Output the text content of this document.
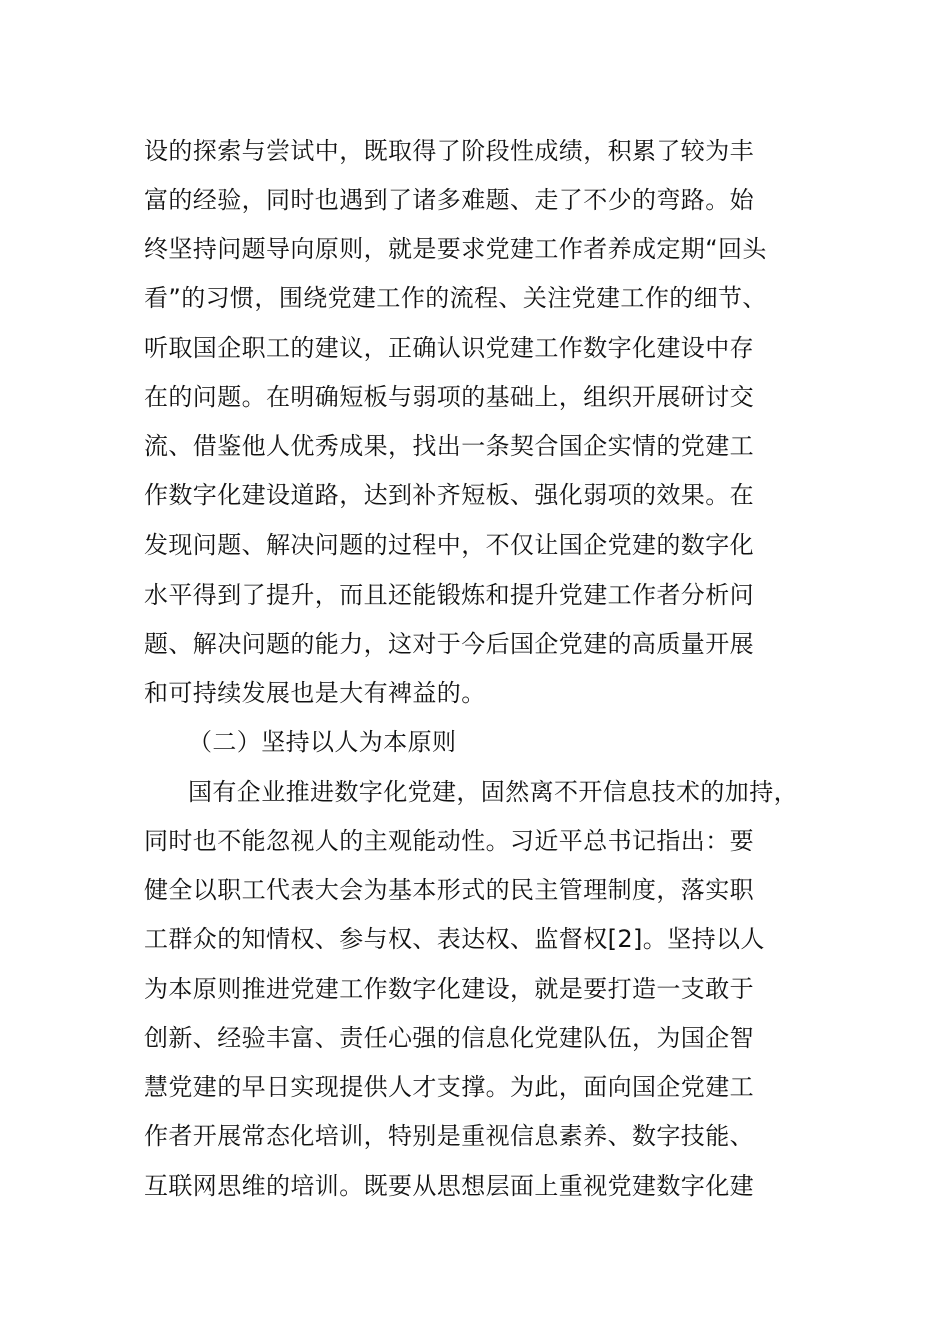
设的探索与尝试中，既取得了阶段性成绩，积累了较为丰
富的经验，同时也遇到了诸多难题、走了不少的弯路。始
终坚持问题导向原则，就是要求党建工作者养成定期“回头
看”的习惯，围绕党建工作的流程、关注党建工作的细节、
听取国企职工的建议，正确认识党建工作数字化建设中存
在的问题。在明确短板与弱项的基础上，组织开展研讨交
流、借鉴他人优秀成果，找出一条契合国企实情的党建工
作数字化建设道路，达到补齐短板、强化弱项的效果。在
发现问题、解决问题的过程中，不仅让国企党建的数字化
水平得到了提升，而且还能锻炼和提升党建工作者分析问
题、解决问题的能力，这对于今后国企党建的高质量开展
和可持续发展也是大有裨益的。
（二）坚持以人为本原则
国有企业推进数字化党建，固然离不开信息技术的加持，
同时也不能忽视人的主观能动性。习近平总书记指出：要
健全以职工代表大会为基本形式的民主管理制度，落实职
工群众的知情权、参与权、表达权、监督权[2]。坚持以人
为本原则推进党建工作数字化建设，就是要打造一支敢于
创新、经验丰富、责任心强的信息化党建队伍，为国企智
慧党建的早日实现提供人才支撑。为此，面向国企党建工
作者开展常态化培训，特别是重视信息素养、数字技能、
互联网思维的培训。既要从思想层面上重视党建数字化建
